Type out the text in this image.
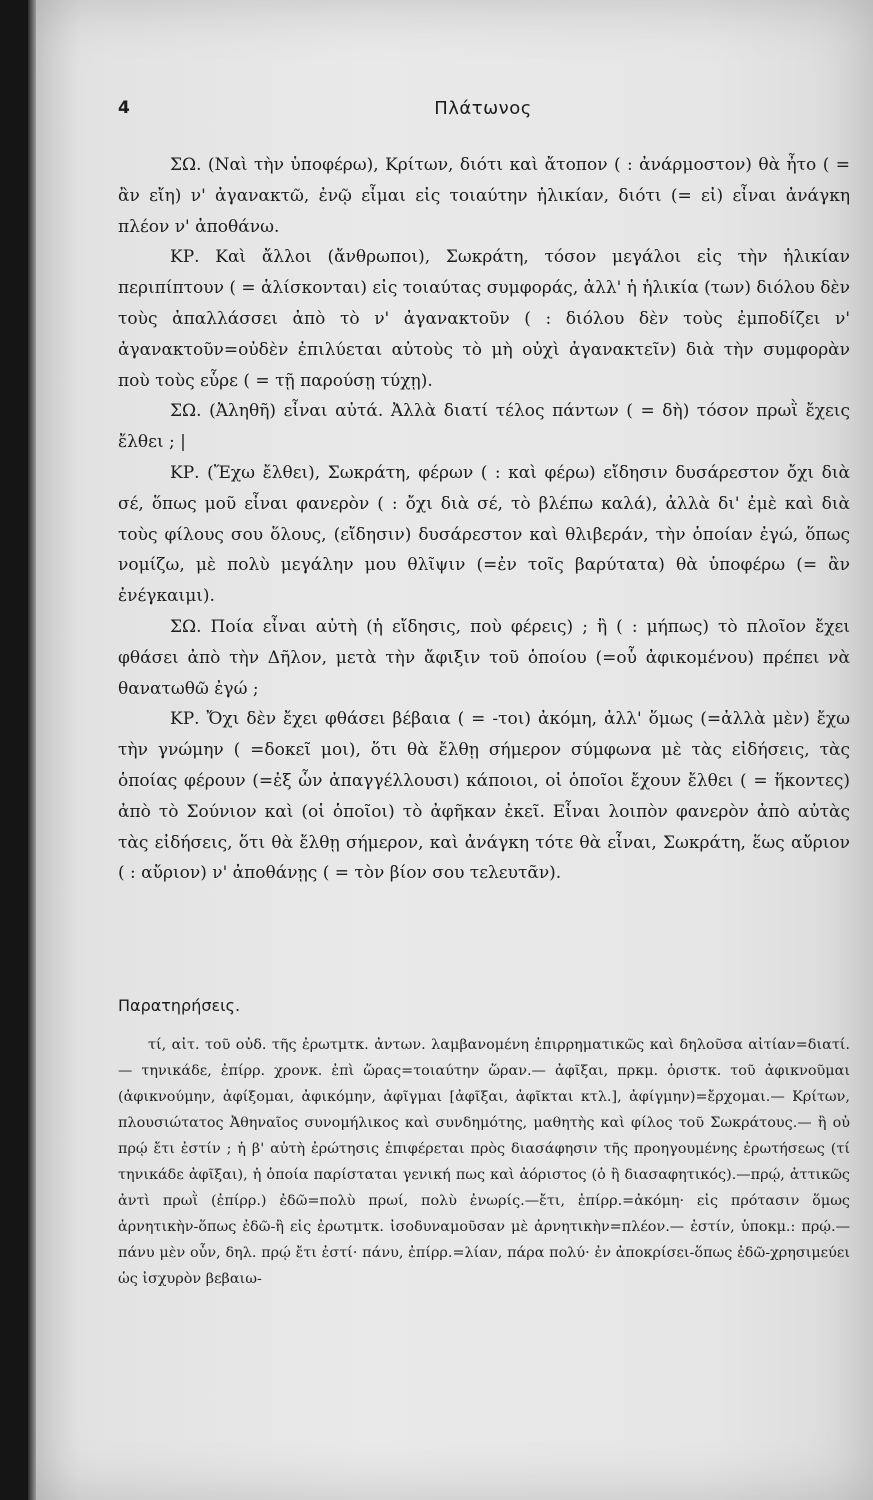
4	Πλάτωνος

ΣΩ. (Ναὶ τὴν ὑποφέρω), Κρίτων, διότι καὶ ἄτοπον ( : ἀνάρμοστον) θὰ ἦτο ( = ἂν εἴη) ν' ἀγανακτῶ, ἐνῷ εἶμαι εἰς τοιαύτην ἡλικίαν, διότι (= εἰ) εἶναι ἀνάγκη πλέον ν' ἀποθάνω.

ΚΡ. Καὶ ἄλλοι (ἄνθρωποι), Σωκράτη, τόσον μεγάλοι εἰς τὴν ἡλικίαν περιπίπτουν ( = ἁλίσκονται) εἰς τοιαύτας συμφοράς, ἀλλ' ἡ ἡλικία (των) διόλου δὲν τοὺς ἀπαλλάσσει ἀπὸ τὸ ν' ἀγανακτοῦν ( : διόλου δὲν τοὺς ἐμποδίζει ν' ἀγανακτοῦν=οὐδὲν ἐπιλύεται αὐτοὺς τὸ μὴ οὐχὶ ἀγανακτεῖν) διὰ τὴν συμφορὰν ποὺ τοὺς εὗρε ( = τῇ παρούσῃ τύχῃ).

ΣΩ. (Ἀληθῆ) εἶναι αὐτά. Ἀλλὰ διατί τέλος πάντων ( = δὴ) τόσον πρωῒ ἔχεις ἔλθει ; |

ΚΡ. (Ἔχω ἔλθει), Σωκράτη, φέρων ( : καὶ φέρω) εἴδησιν δυσάρεστον ὄχι διὰ σέ, ὅπως μοῦ εἶναι φανερὸν ( : ὄχι διὰ σέ, τὸ βλέπω καλά), ἀλλὰ δι' ἐμὲ καὶ διὰ τοὺς φίλους σου ὅλους, (εἴδησιν) δυσάρεστον καὶ θλιβεράν, τὴν ὁποίαν ἐγώ, ὅπως νομίζω, μὲ πολὺ μεγάλην μου θλῖψιν (=ἐν τοῖς βαρύτατα) θὰ ὑποφέρω (= ἂν ἐνέγκαιμι).

ΣΩ. Ποία εἶναι αὐτὴ (ἡ εἴδησις, ποὺ φέρεις) ; ἢ ( : μήπως) τὸ πλοῖον ἔχει φθάσει ἀπὸ τὴν Δῆλον, μετὰ τὴν ἄφιξιν τοῦ ὁποίου (=οὗ ἀφικομένου) πρέπει νὰ θανατωθῶ ἐγώ ;

ΚΡ. Ὄχι δὲν ἔχει φθάσει βέβαια ( = -τοι) ἀκόμη, ἀλλ' ὅμως (=ἀλλὰ μὲν) ἔχω τὴν γνώμην ( =δοκεῖ μοι), ὅτι θὰ ἔλθῃ σήμερον σύμφωνα μὲ τὰς εἰδήσεις, τὰς ὁποίας φέρουν (=ἐξ ὧν ἀπαγγέλλουσι) κάποιοι, οἱ ὁποῖοι ἔχουν ἔλθει ( = ἥκοντες) ἀπὸ τὸ Σούνιον καὶ (οἱ ὁποῖοι) τὸ ἀφῆκαν ἐκεῖ. Εἶναι λοιπὸν φανερὸν ἀπὸ αὐτὰς τὰς εἰδήσεις, ὅτι θὰ ἔλθῃ σήμερον, καὶ ἀνάγκη τότε θὰ εἶναι, Σωκράτη, ἕως αὔριον ( : αὔριον) ν' ἀποθάνῃς ( = τὸν βίον σου τελευτᾶν).

Παρατηρήσεις.

τί, αἰτ. τοῦ οὐδ. τῆς ἐρωτμτκ. ἀντων. λαμβανομένη ἐπιρρηματικῶς καὶ δηλοῦσα αἰτίαν=διατί.— τηνικάδε, ἐπίρρ. χρονκ. ἐπὶ ὥρας=τοιαύτην ὥραν.— ἀφῖξαι, πρκμ. ὁριστκ. τοῦ ἀφικνοῦμαι (ἀφικνούμην, ἀφίξομαι, ἀφικόμην, ἀφῖγμαι [ἀφῖξαι, ἀφῖκται κτλ.], ἀφίγμην)=ἔρχομαι.— Κρίτων, πλουσιώτατος Ἀθηναῖος συνομήλικος καὶ συνδημότης, μαθητὴς καὶ φίλος τοῦ Σωκράτους.— ἢ οὐ πρῴ ἔτι ἐστίν ; ἡ β' αὐτὴ ἐρώτησις ἐπιφέρεται πρὸς διασάφησιν τῆς προηγουμένης ἐρωτήσεως (τί τηνικάδε ἀφῖξαι), ἡ ὁποία παρίσταται γενική πως καὶ ἀόριστος (ὁ ἢ διασαφητικός).—πρῴ, ἀττικῶς ἀντὶ πρωῒ (ἐπίρρ.) ἐδῶ=πολὺ πρωί, πολὺ ἐνωρίς.—ἔτι, ἐπίρρ.=ἀκόμη· εἰς πρότασιν ὅμως ἀρνητικὴν-ὅπως ἐδῶ-ἢ εἰς ἐρωτμτκ. ἰσοδυναμοῦσαν μὲ ἀρνητικὴν=πλέον.— ἐστίν, ὑποκμ.: πρῴ.— πάνυ μὲν οὖν, δηλ. πρῴ ἔτι ἐστί· πάνυ, ἐπίρρ.=λίαν, πάρα πολύ· ἐν ἀποκρίσει-ὅπως ἐδῶ-χρησιμεύει ὡς ἰσχυρὸν βεβαιω-
